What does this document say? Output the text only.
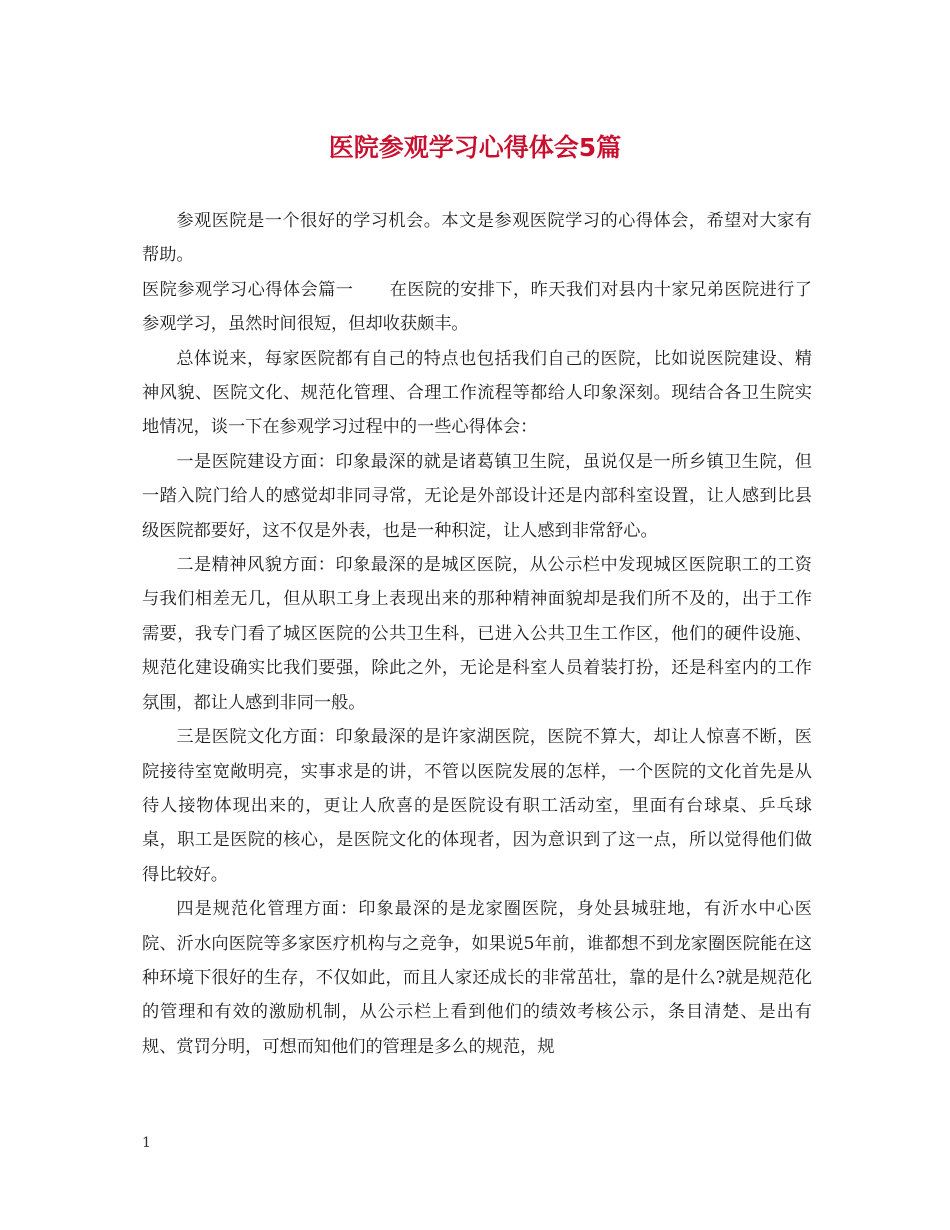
医院参观学习心得体会5篇

参观医院是一个很好的学习机会。本文是参观医院学习的心得体会，希望对大家有帮助。

医院参观学习心得体会篇一 在医院的安排下，昨天我们对县内十家兄弟医院进行了参观学习，虽然时间很短，但却收获颇丰。

总体说来，每家医院都有自己的特点也包括我们自己的医院，比如说医院建设、精神风貌、医院文化、规范化管理、合理工作流程等都给人印象深刻。现结合各卫生院实地情况，谈一下在参观学习过程中的一些心得体会：

一是医院建设方面：印象最深的就是诸葛镇卫生院，虽说仅是一所乡镇卫生院，但一踏入院门给人的感觉却非同寻常，无论是外部设计还是内部科室设置，让人感到比县级医院都要好，这不仅是外表，也是一种积淀，让人感到非常舒心。

二是精神风貌方面：印象最深的是城区医院，从公示栏中发现城区医院职工的工资与我们相差无几，但从职工身上表现出来的那种精神面貌却是我们所不及的，出于工作需要，我专门看了城区医院的公共卫生科，已进入公共卫生工作区，他们的硬件设施、规范化建设确实比我们要强，除此之外，无论是科室人员着装打扮，还是科室内的工作氛围，都让人感到非同一般。

三是医院文化方面：印象最深的是许家湖医院，医院不算大，却让人惊喜不断，医院接待室宽敞明亮，实事求是的讲，不管以医院发展的怎样，一个医院的文化首先是从待人接物体现出来的，更让人欣喜的是医院设有职工活动室，里面有台球桌、乒乓球桌，职工是医院的核心，是医院文化的体现者，因为意识到了这一点，所以觉得他们做得比较好。

四是规范化管理方面：印象最深的是龙家圈医院，身处县城驻地，有沂水中心医院、沂水向医院等多家医疗机构与之竞争，如果说5年前，谁都想不到龙家圈医院能在这种环境下很好的生存，不仅如此，而且人家还成长的非常茁壮，靠的是什么?就是规范化的管理和有效的激励机制，从公示栏上看到他们的绩效考核公示，条目清楚、是出有规、赏罚分明，可想而知他们的管理是多么的规范，规

1
